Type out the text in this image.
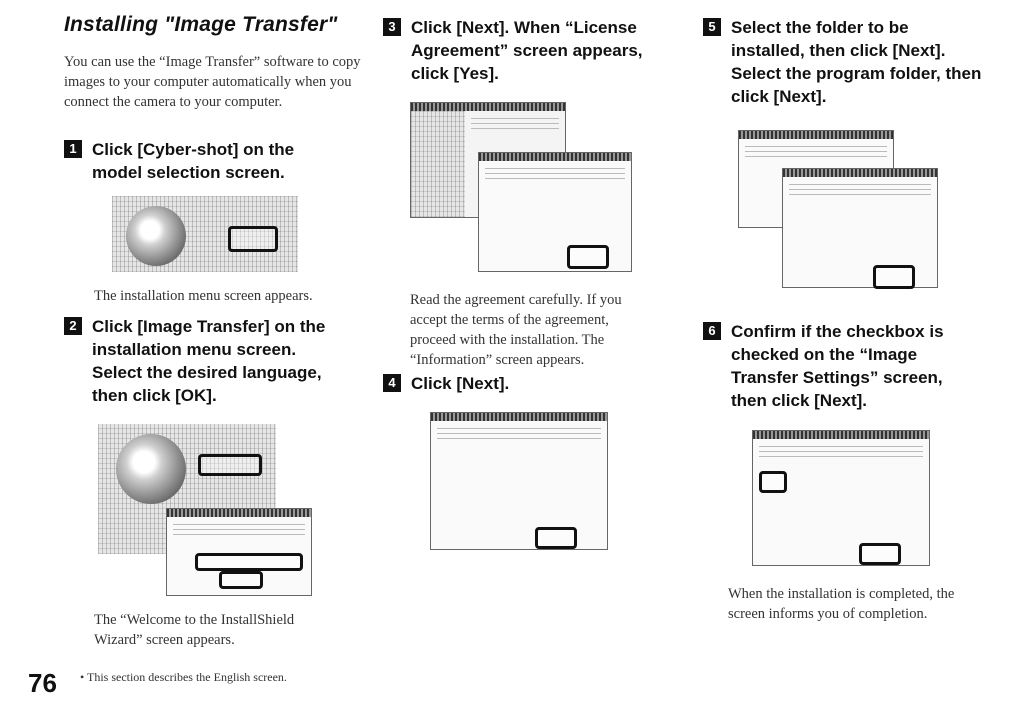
Installing "Image Transfer"
You can use the “Image Transfer” software to copy images to your computer automatically when you connect the camera to your computer.
1 Click [Cyber-shot] on the
model selection screen.
The installation menu screen appears.
2 Click [Image Transfer] on the
installation menu screen.
Select the desired language,
then click [OK].
The “Welcome to the InstallShield
Wizard” screen appears.
3 Click [Next]. When “License
Agreement” screen appears,
click [Yes].
Read the agreement carefully. If you
accept the terms of the agreement,
proceed with the installation. The
“Information” screen appears.
4 Click [Next].
5 Select the folder to be
installed, then click [Next].
Select the program folder, then
click [Next].
6 Confirm if the checkbox is
checked on the “Image
Transfer Settings” screen,
then click [Next].
When the installation is completed, the
screen informs you of completion.
76 • This section describes the English screen.
